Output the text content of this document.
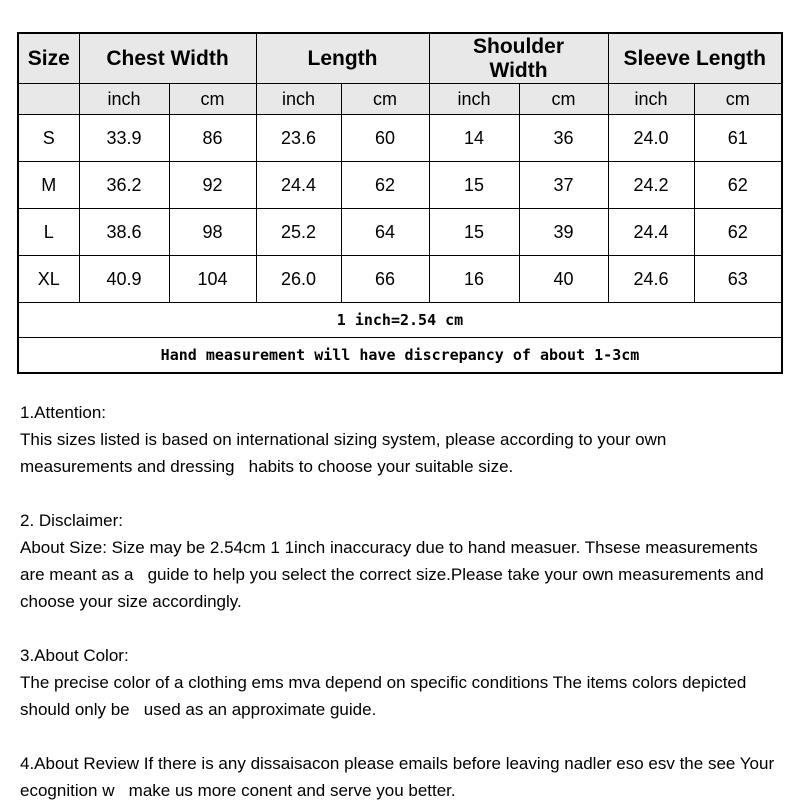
Size	Chest Width		Length		Shoulder Width		Sleeve Length	
	inch	cm	inch	cm	inch	cm	inch	cm
S	33.9	86	23.6	60	14	36	24.0	61
M	36.2	92	24.4	62	15	37	24.2	62
L	38.6	98	25.2	64	15	39	24.4	62
XL	40.9	104	26.0	66	16	40	24.6	63
1 inch=2.54 cm								
Hand measurement will have discrepancy of about 1-3cm								
1.Attention:
This sizes listed is based on international sizing system, please according to your own measurements and dressing   habits to choose your suitable size.
2. Disclaimer:
About Size: Size may be 2.54cm 1 1inch inaccuracy due to hand measuer. Thsese measurements are meant as a   guide to help you select the correct size.Please take your own measurements and choose your size accordingly.
3.About Color:
The precise color of a clothing ems mva depend on specific conditions The items colors depicted should only be   used as an approximate guide.
4.About Review If there is any dissaisacon please emails before leaving nadler eso esv the see Your ecognition w   make us more conent and serve you better.
